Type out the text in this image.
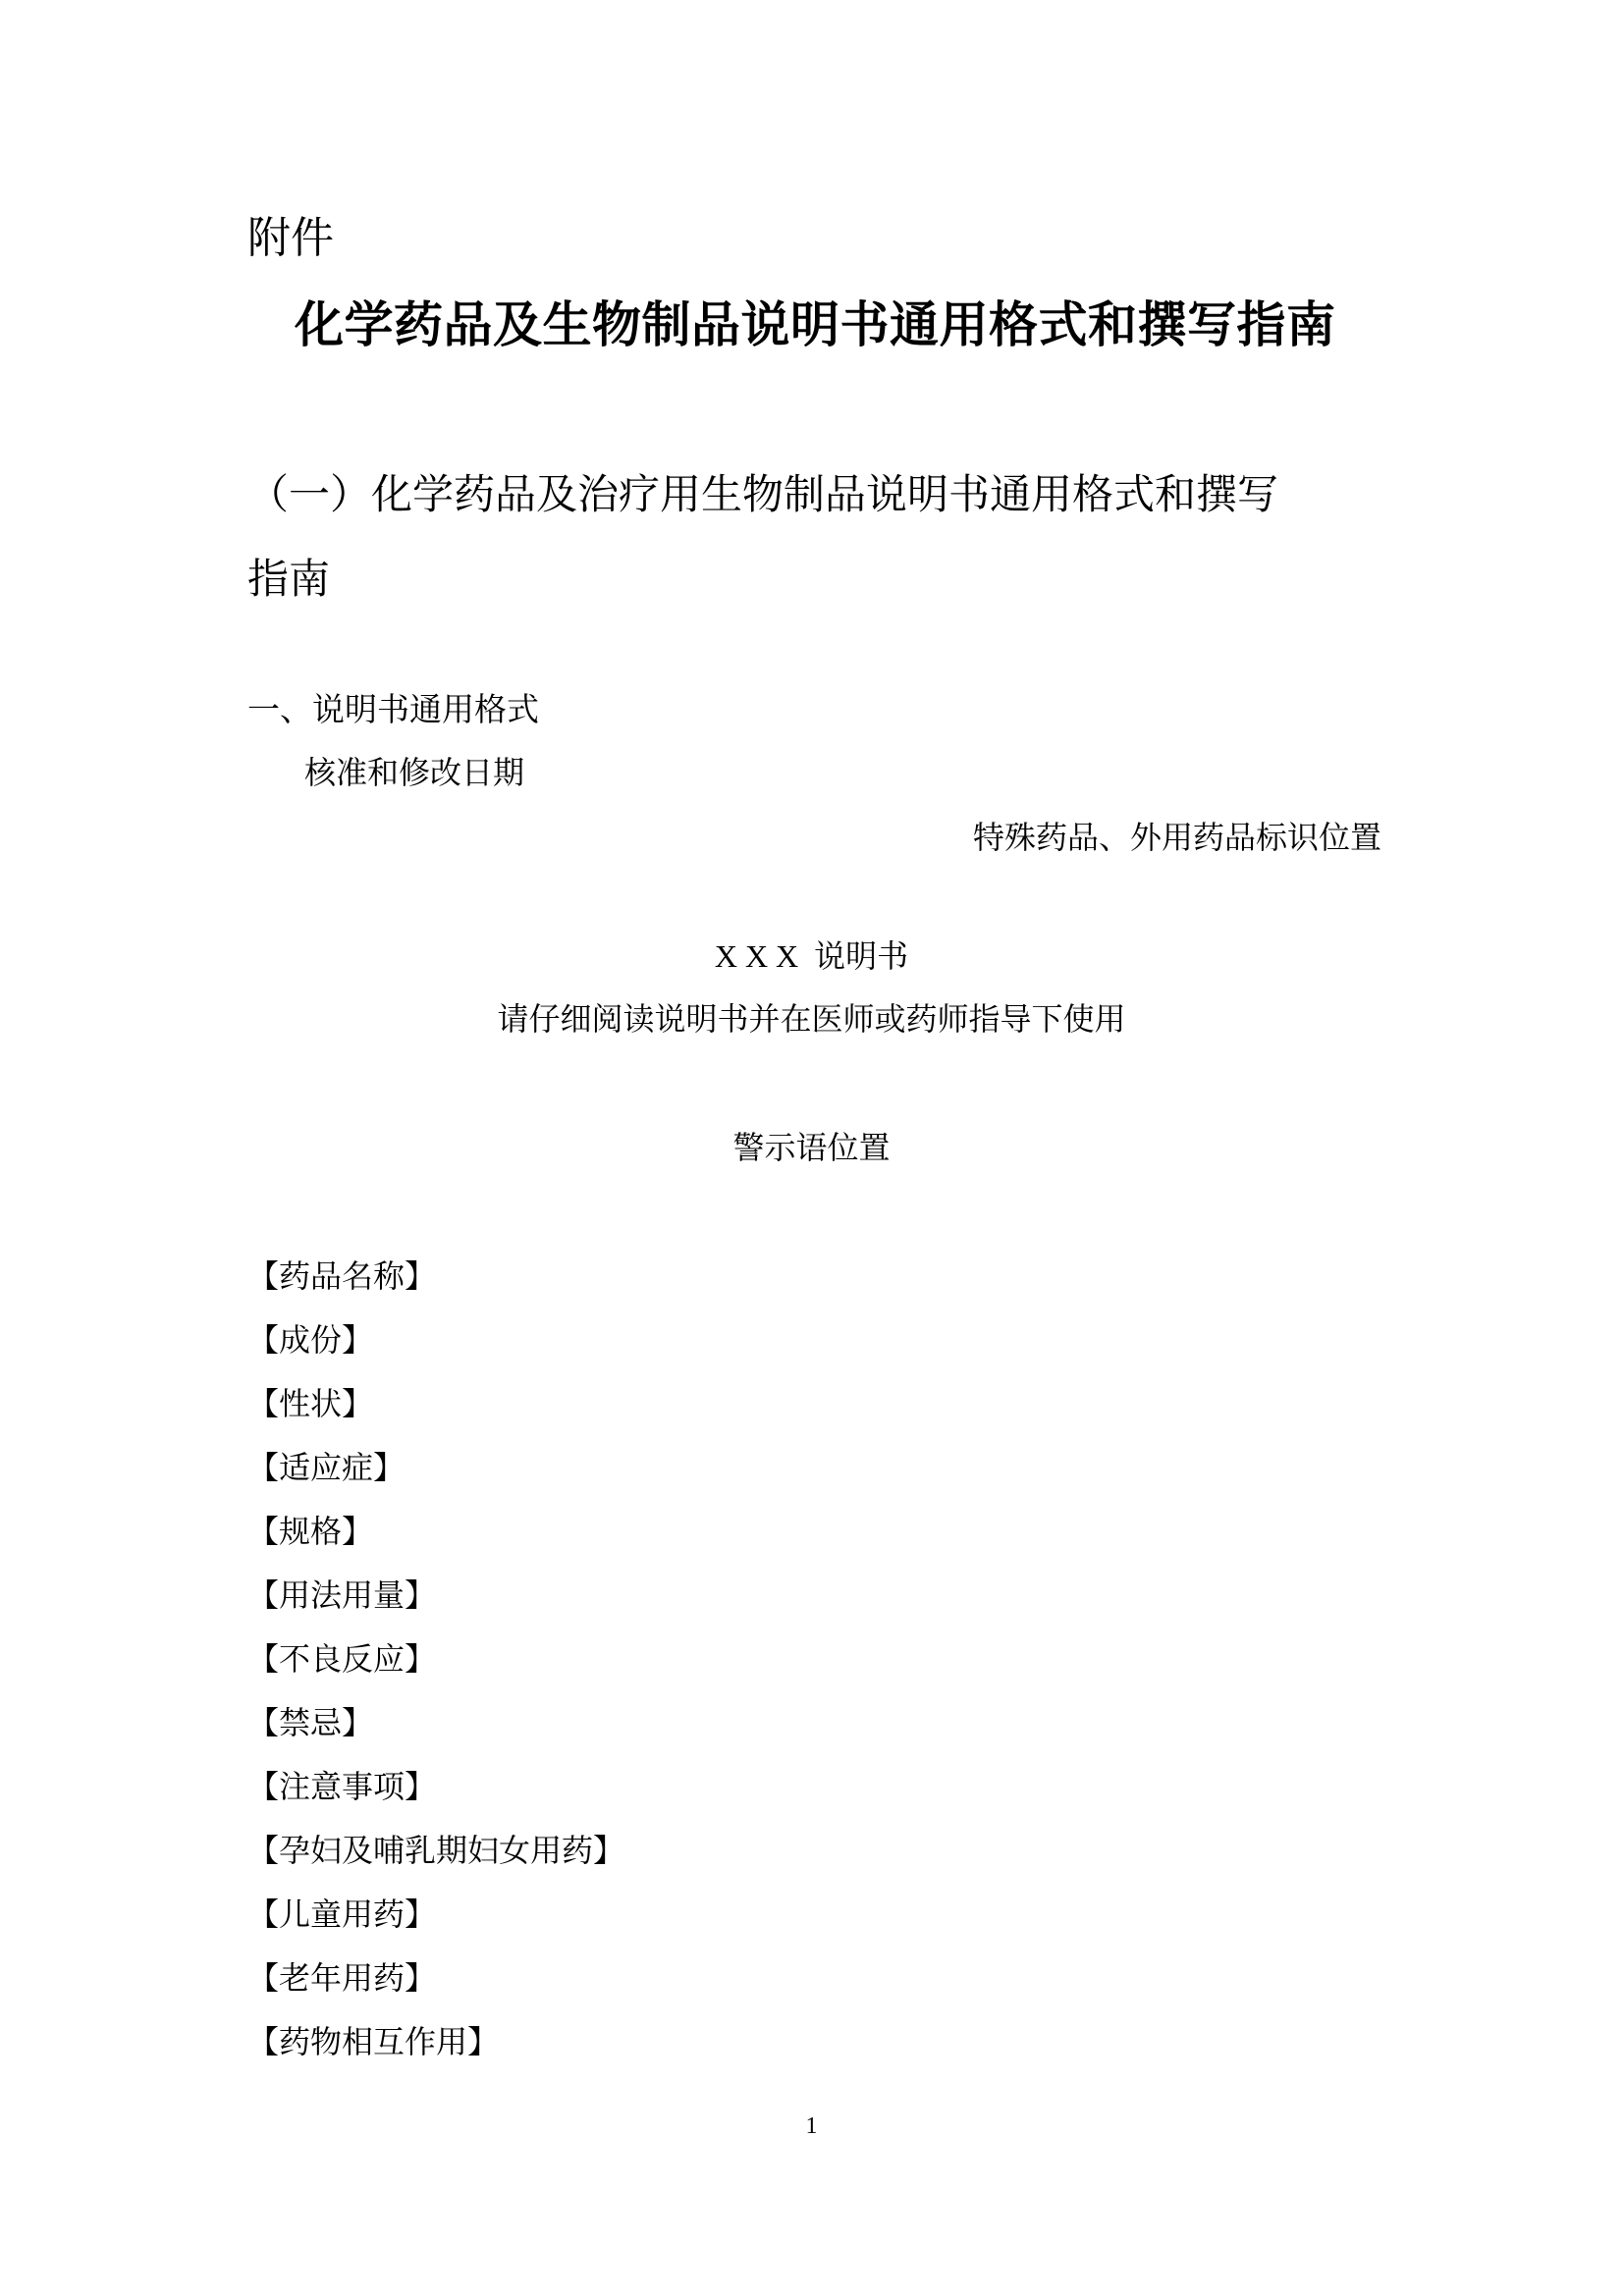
附件
化学药品及生物制品说明书通用格式和撰写指南
（一）化学药品及治疗用生物制品说明书通用格式和撰写
指南
一、说明书通用格式
核准和修改日期
特殊药品、外用药品标识位置
XXX 说明书
请仔细阅读说明书并在医师或药师指导下使用
警示语位置
【药品名称】
【成份】
【性状】
【适应症】
【规格】
【用法用量】
【不良反应】
【禁忌】
【注意事项】
【孕妇及哺乳期妇女用药】
【儿童用药】
【老年用药】
【药物相互作用】
1
